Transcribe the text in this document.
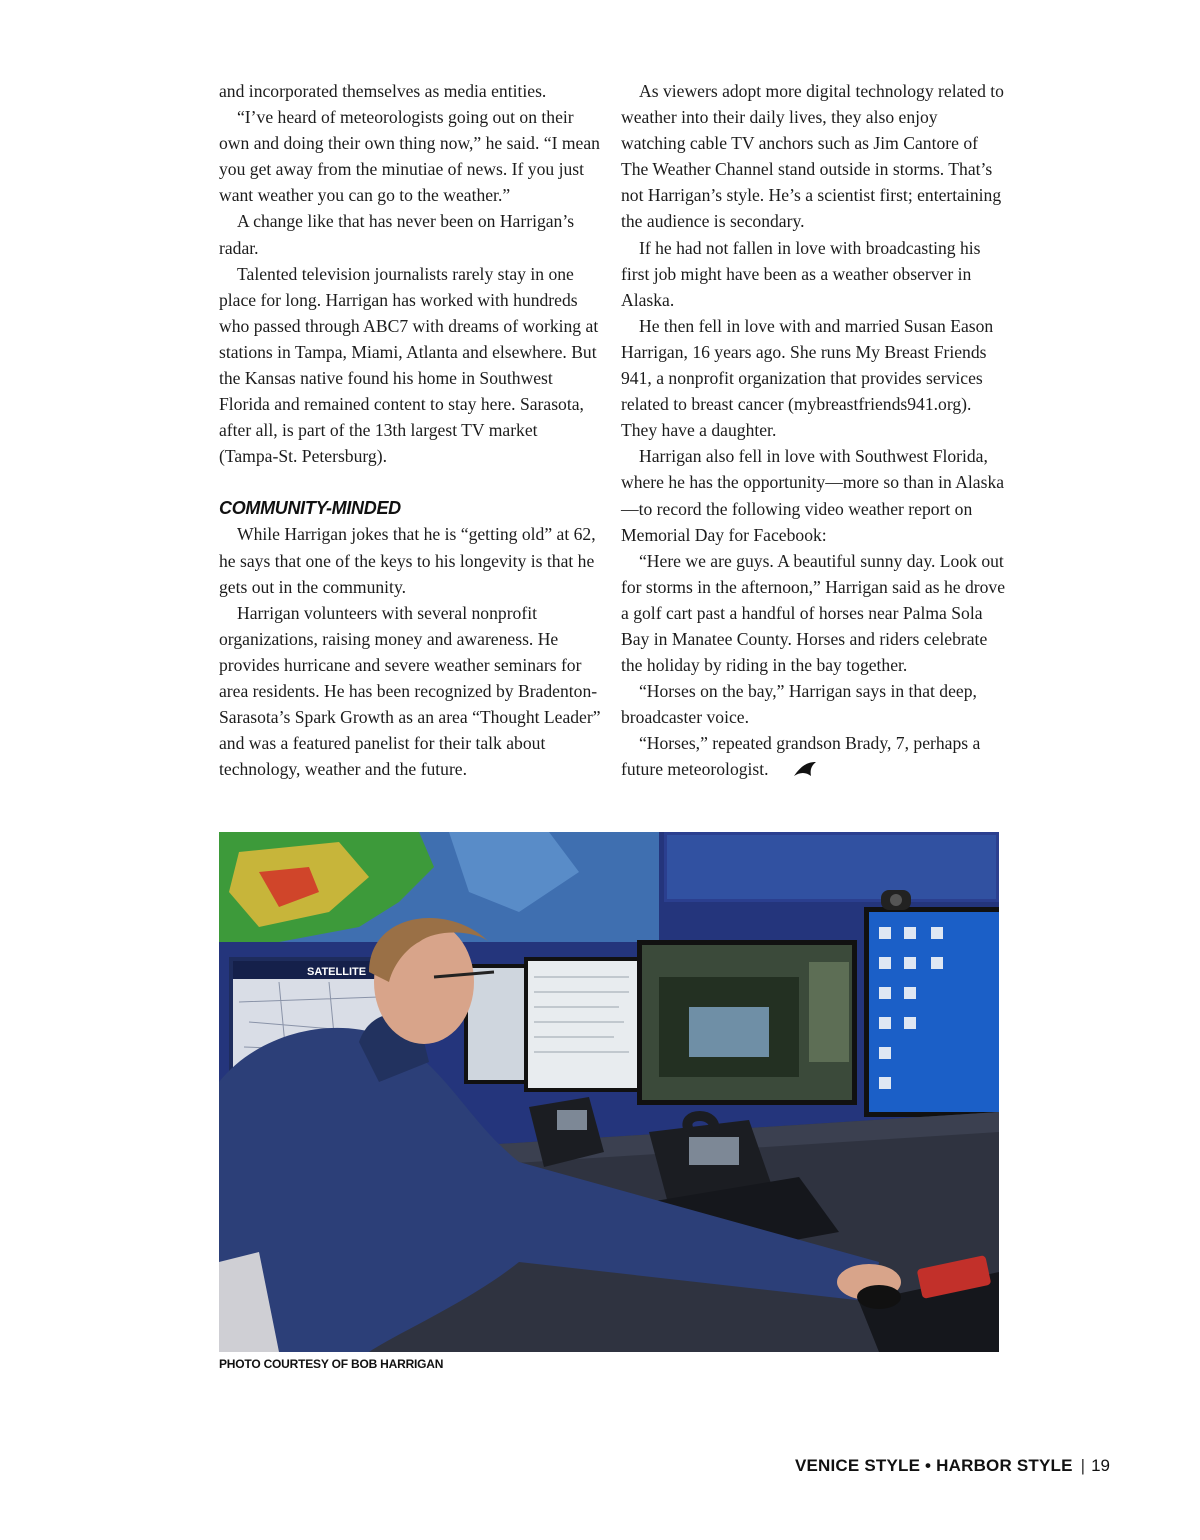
and incorporated themselves as media entities.

“I’ve heard of meteorologists going out on their own and doing their own thing now,” he said. “I mean you get away from the minutiae of news. If you just want weather you can go to the weather.”

A change like that has never been on Harrigan’s radar.

Talented television journalists rarely stay in one place for long. Harrigan has worked with hundreds who passed through ABC7 with dreams of working at stations in Tampa, Miami, Atlanta and elsewhere. But the Kansas native found his home in Southwest Florida and remained content to stay here. Sarasota, after all, is part of the 13th largest TV market (Tampa-St. Petersburg).

COMMUNITY-MINDED

While Harrigan jokes that he is “getting old” at 62, he says that one of the keys to his longevity is that he gets out in the community.

Harrigan volunteers with several nonprofit organizations, raising money and awareness. He provides hurricane and severe weather seminars for area residents. He has been recognized by Bradenton-Sarasota’s Spark Growth as an area “Thought Leader” and was a featured panelist for their talk about technology, weather and the future.

As viewers adopt more digital technology related to weather into their daily lives, they also enjoy watching cable TV anchors such as Jim Cantore of The Weather Channel stand outside in storms. That’s not Harrigan’s style. He’s a scientist first; entertaining the audience is secondary.

If he had not fallen in love with broadcasting his first job might have been as a weather observer in Alaska.

He then fell in love with and married Susan Eason Harrigan, 16 years ago. She runs My Breast Friends 941, a nonprofit organization that provides services related to breast cancer (mybreastfriends941.org). They have a daughter.

Harrigan also fell in love with Southwest Florida, where he has the opportunity—more so than in Alaska—to record the following video weather report on Memorial Day for Facebook:

“Here we are guys. A beautiful sunny day. Look out for storms in the afternoon,” Harrigan said as he drove a golf cart past a handful of horses near Palma Sola Bay in Manatee County. Horses and riders celebrate the holiday by riding in the bay together.

“Horses on the bay,” Harrigan says in that deep, broadcaster voice.

“Horses,” repeated grandson Brady, 7, perhaps a future meteorologist.

SATELLITE
PHOTO COURTESY OF BOB HARRIGAN
VENICE STYLE • HARBOR STYLE | 19
